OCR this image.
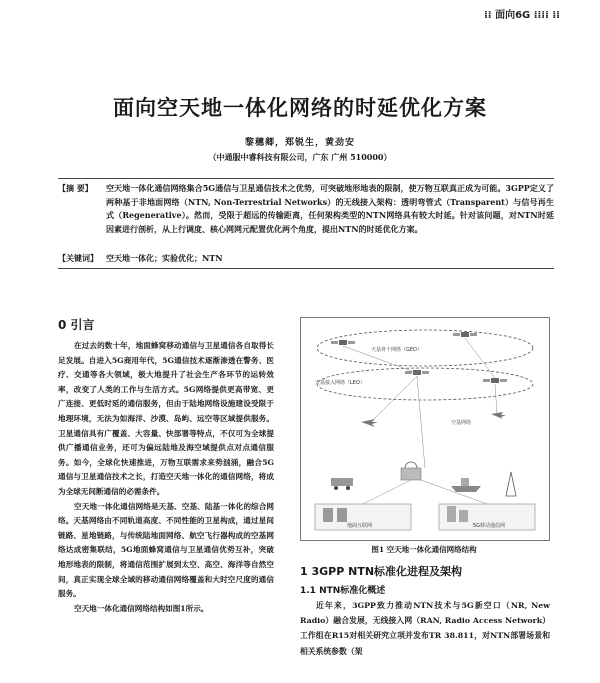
⁞⁞ 面向6G ⁞⁞⁞⁞ ⁞⁞
面向空天地一体化网络的时延优化方案
黎穗卿，郑锐生，黄劲安
（中通服中睿科技有限公司，广东 广州 510000）
【摘 要】 空天地一体化通信网络集合5G通信与卫星通信技术之优势，可突破地形地表的限制，使万物互联真正成为可能。3GPP定义了两种基于非地面网络（NTN, Non-Terrestrial Networks）的无线接入架构：透明弯管式（Transparent）与信号再生式（Regenerative）。然而，受限于超远的传输距离，任何架构类型的NTN网络具有较大时延。针对该问题，对NTN时延因素进行剖析，从上行调度、核心网网元配置优化两个角度，提出NTN的时延优化方案。
【关键词】 空天地一体化；实验优化；NTN
0 引言

在过去的数十年，地面蜂窝移动通信与卫星通信各自取得长足发展。自进入5G商用年代，5G通信技术逐渐渗透在警务、医疗、交通等各大领域，极大地提升了社会生产各环节的运转效率，改变了人类的工作与生活方式。5G网络提供更高带宽、更广连接、更低时延的通信服务，但由于陆地网络设施建设受限于地理环境，无法为如海洋、沙漠、岛屿、远空等区域提供服务。卫星通信具有广覆盖、大容量、快部署等特点，不仅可为全球提供广播通信业务，还可为偏远陆地及海空域提供点对点通信服务。如今，全球化快速推进，万物互联需求来势汹涌，融合5G通信与卫星通信技术之长，打造空天地一体化的通信网络，将成为全球无间断通信的必需条件。

空天地一体化通信网络是天基、空基、陆基一体化的综合网络。天基网络由不同轨道高度、不同性能的卫星构成，通过星间链路、星地链路，与传统陆地面网络、航空飞行器构成的空基网络达成密集联结，5G地面蜂窝通信与卫星通信优势互补，突破地形地表的限制，将通信范围扩展到太空、高空、海洋等自然空间，真正实现全球全域的移动通信网络覆盖和大时空尺度的通信服务。

空天地一体化通信网络结构如图1所示。

天基骨干网络（GEO）
天基接入网络（LEO）
空基网络
地面互联网	5G移动通信网
图1 空天地一体化通信网络结构
1 3GPP NTN标准化进程及架构
1.1 NTN标准化概述

近年来，3GPP致力推动NTN技术与5G新空口（NR, New Radio）融合发展，无线接入网（RAN, Radio Access Network）工作组在R15对相关研究立项并发布TR 38.811，对NTN部署场景和相关系统参数（架
